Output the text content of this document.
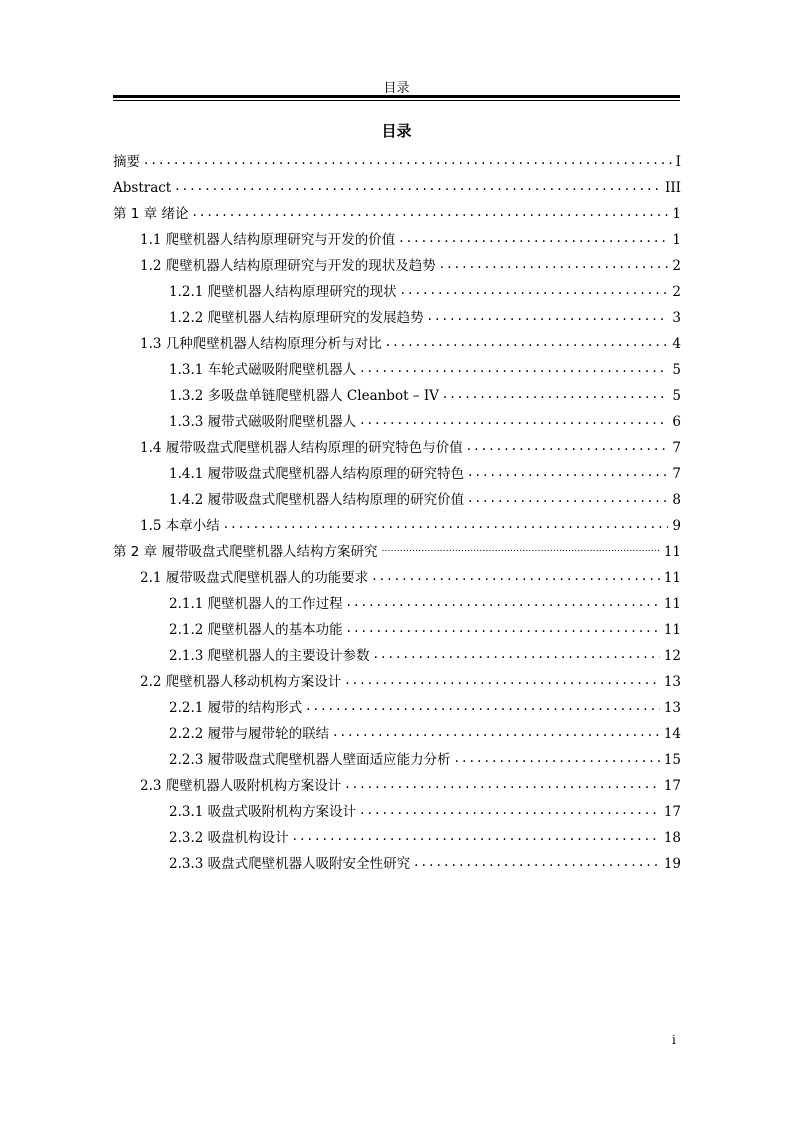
目录
目录
摘要 .....	I
Abstract .....	III
第 1 章 绪论 .....	1
1.1 爬壁机器人结构原理研究与开发的价值 .....	1
1.2 爬壁机器人结构原理研究与开发的现状及趋势 .....	2
1.2.1 爬壁机器人结构原理研究的现状 .....	2
1.2.2 爬壁机器人结构原理研究的发展趋势 .....	3
1.3 几种爬壁机器人结构原理分析与对比 .....	4
1.3.1 车轮式磁吸附爬壁机器人 .....	5
1.3.2 多吸盘单链爬壁机器人 Cleanbot – IV .....	5
1.3.3 履带式磁吸附爬壁机器人 .....	6
1.4 履带吸盘式爬壁机器人结构原理的研究特色与价值 .....	7
1.4.1 履带吸盘式爬壁机器人结构原理的研究特色 .....	7
1.4.2 履带吸盘式爬壁机器人结构原理的研究价值 .....	8
1.5 本章小结 .....	9
第 2 章 履带吸盘式爬壁机器人结构方案研究 .....	11
2.1 履带吸盘式爬壁机器人的功能要求 .....	11
2.1.1 爬壁机器人的工作过程 .....	11
2.1.2 爬壁机器人的基本功能 .....	11
2.1.3 爬壁机器人的主要设计参数 .....	12
2.2 爬壁机器人移动机构方案设计 .....	13
2.2.1 履带的结构形式 .....	13
2.2.2 履带与履带轮的联结 .....	14
2.2.3 履带吸盘式爬壁机器人壁面适应能力分析 .....	15
2.3 爬壁机器人吸附机构方案设计 .....	17
2.3.1 吸盘式吸附机构方案设计 .....	17
2.3.2 吸盘机构设计 .....	18
2.3.3 吸盘式爬壁机器人吸附安全性研究 .....	19
i
